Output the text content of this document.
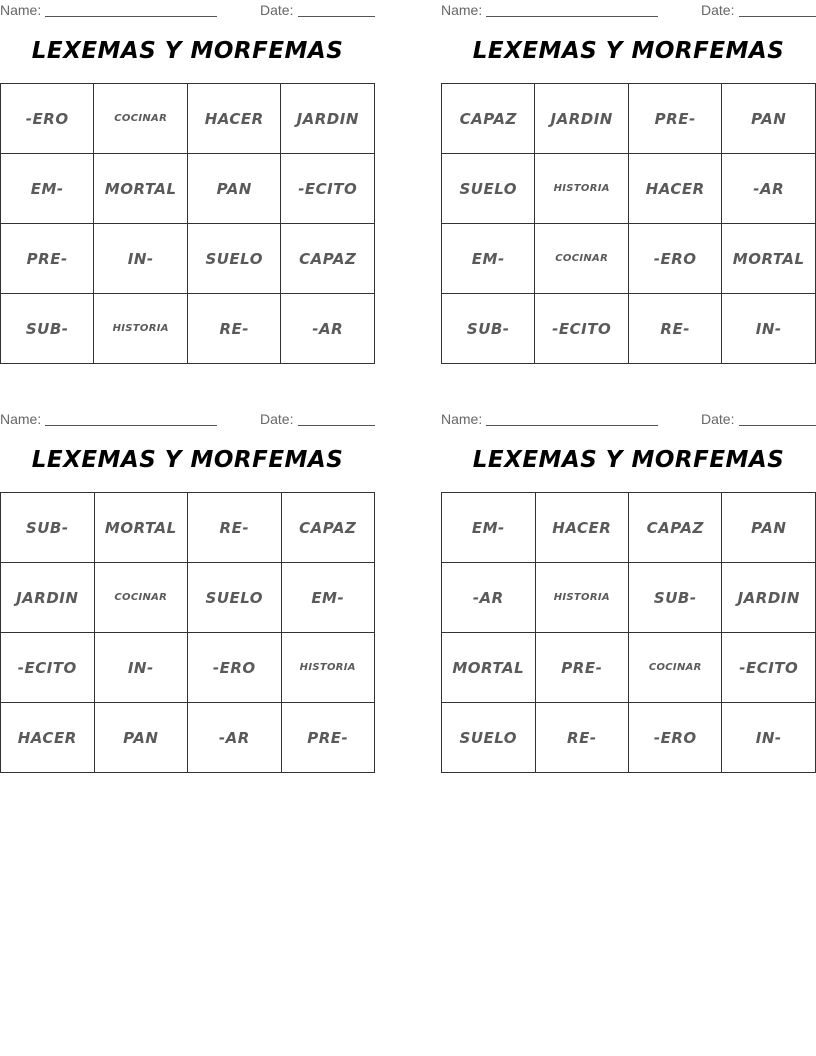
Name:	Date:
LEXEMAS Y MORFEMAS
-ERO	COCINAR	HACER	JARDIN
EM-	MORTAL	PAN	-ECITO
PRE-	IN-	SUELO	CAPAZ
SUB-	HISTORIA	RE-	-AR
Name:	Date:
LEXEMAS Y MORFEMAS
CAPAZ	JARDIN	PRE-	PAN
SUELO	HISTORIA	HACER	-AR
EM-	COCINAR	-ERO	MORTAL
SUB-	-ECITO	RE-	IN-
Name:	Date:
LEXEMAS Y MORFEMAS
SUB-	MORTAL	RE-	CAPAZ
JARDIN	COCINAR	SUELO	EM-
-ECITO	IN-	-ERO	HISTORIA
HACER	PAN	-AR	PRE-
Name:	Date:
LEXEMAS Y MORFEMAS
EM-	HACER	CAPAZ	PAN
-AR	HISTORIA	SUB-	JARDIN
MORTAL	PRE-	COCINAR	-ECITO
SUELO	RE-	-ERO	IN-
